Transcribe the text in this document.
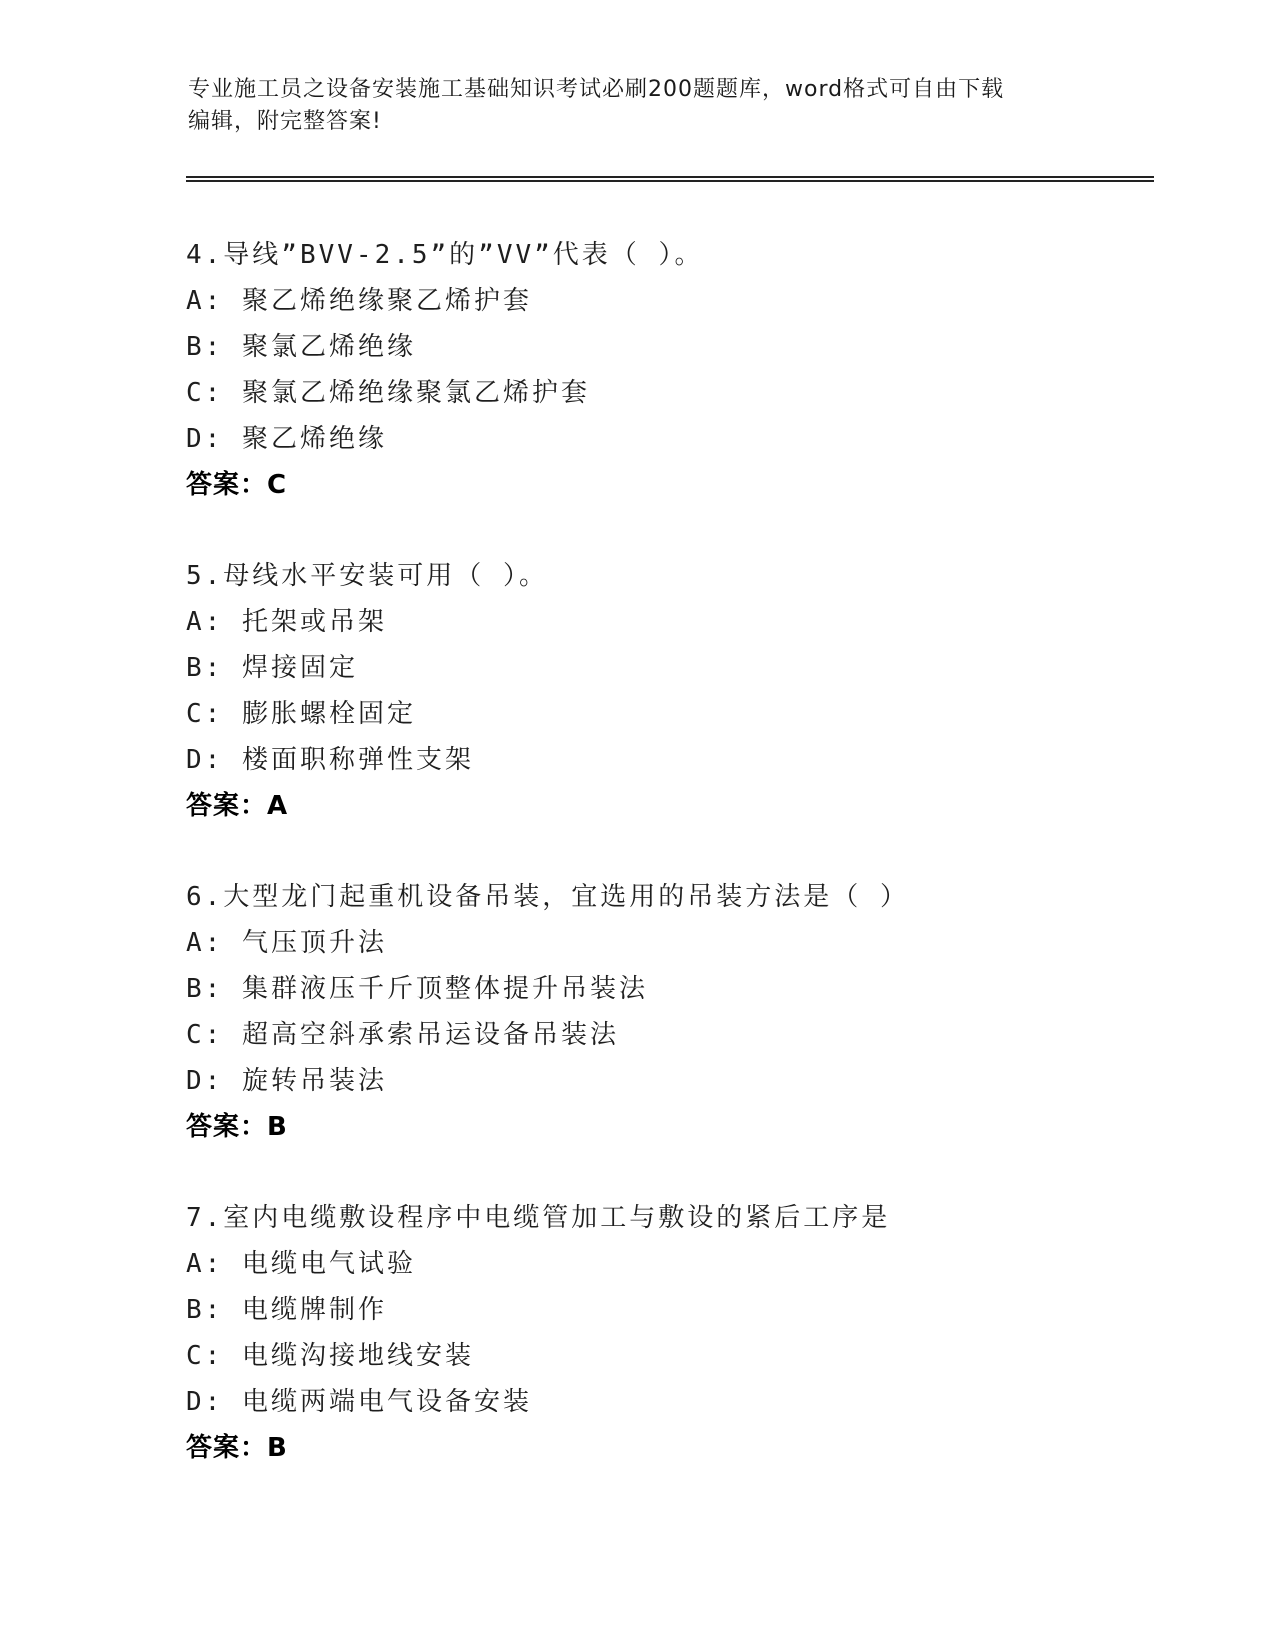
专业施工员之设备安装施工基础知识考试必刷200题题库，word格式可自由下载
编辑，附完整答案!
4.导线”BVV-2.5”的”VV”代表（ ）。
A: 聚乙烯绝缘聚乙烯护套
B: 聚氯乙烯绝缘
C: 聚氯乙烯绝缘聚氯乙烯护套
D: 聚乙烯绝缘
答案：C
5.母线水平安装可用（ ）。
A: 托架或吊架
B: 焊接固定
C: 膨胀螺栓固定
D: 楼面职称弹性支架
答案：A
6.大型龙门起重机设备吊装，宜选用的吊装方法是（ ）
A: 气压顶升法
B: 集群液压千斤顶整体提升吊装法
C: 超高空斜承索吊运设备吊装法
D: 旋转吊装法
答案：B
7.室内电缆敷设程序中电缆管加工与敷设的紧后工序是
A: 电缆电气试验
B: 电缆牌制作
C: 电缆沟接地线安装
D: 电缆两端电气设备安装
答案：B
